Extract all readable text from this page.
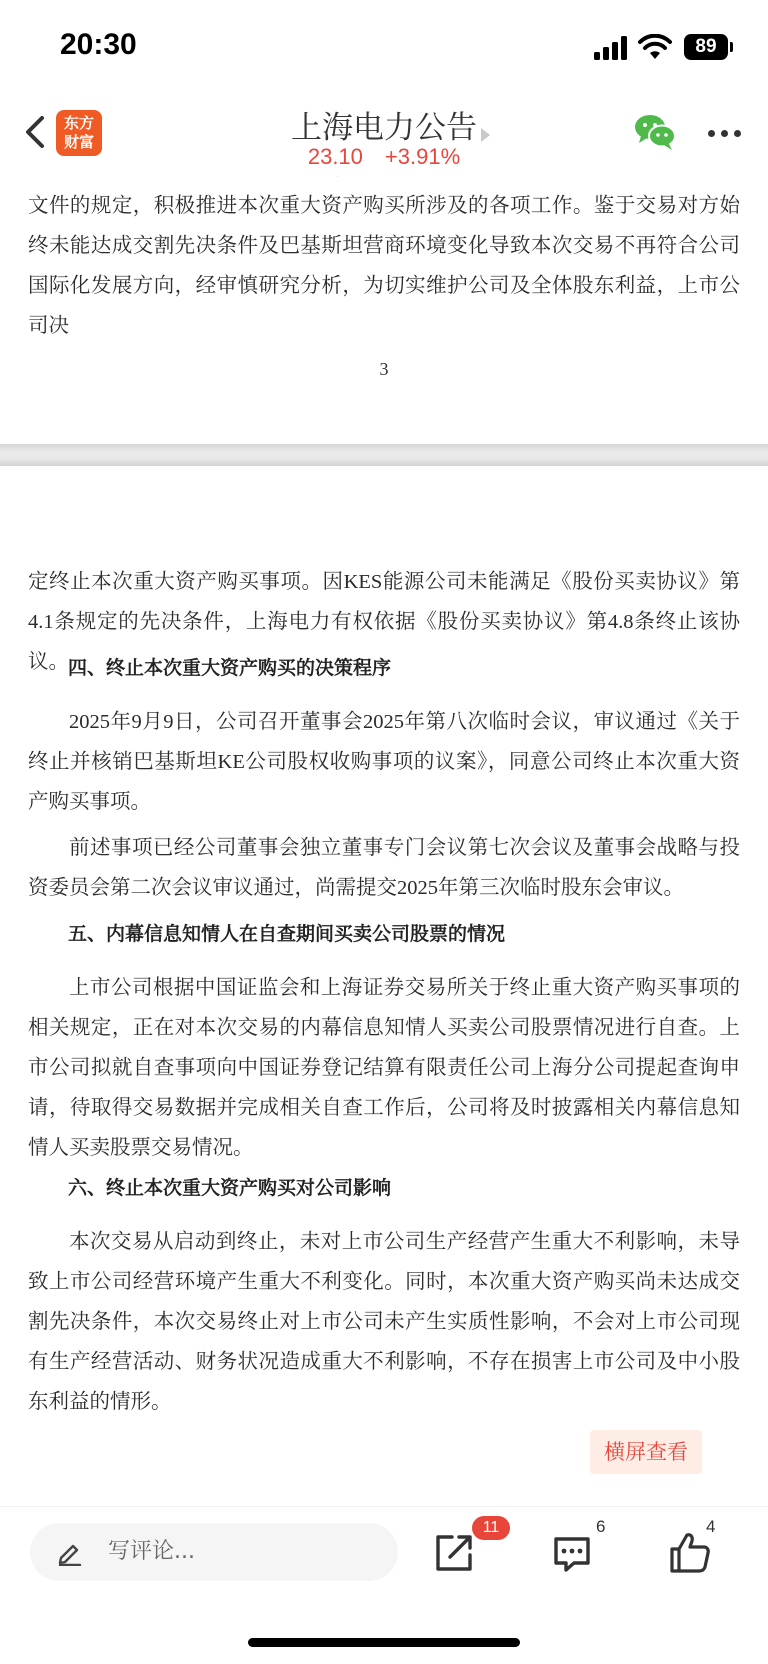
20:30	89
东方
财富	上海电力公告
23.10 +3.91%
文件的规定，积极推进本次重大资产购买所涉及的各项工作。鉴于交易对方始终未能达成交割先决条件及巴基斯坦营商环境变化导致本次交易不再符合公司国际化发展方向，经审慎研究分析，为切实维护公司及全体股东利益，上市公司决
3
定终止本次重大资产购买事项。因KES能源公司未能满足《股份买卖协议》第4.1条规定的先决条件，上海电力有权依据《股份买卖协议》第4.8条终止该协议。 四、终止本次重大资产购买的决策程序
2025年9月9日，公司召开董事会2025年第八次临时会议，审议通过《关于终止并核销巴基斯坦KE公司股权收购事项的议案》，同意公司终止本次重大资产购买事项。
前述事项已经公司董事会独立董事专门会议第七次会议及董事会战略与投资委员会第二次会议审议通过，尚需提交2025年第三次临时股东会审议。
五、内幕信息知情人在自查期间买卖公司股票的情况
上市公司根据中国证监会和上海证券交易所关于终止重大资产购买事项的相关规定，正在对本次交易的内幕信息知情人买卖公司股票情况进行自查。上市公司拟就自查事项向中国证券登记结算有限责任公司上海分公司提起查询申请，待取得交易数据并完成相关自查工作后，公司将及时披露相关内幕信息知情人买卖股票交易情况。
六、终止本次重大资产购买对公司影响
本次交易从启动到终止，未对上市公司生产经营产生重大不利影响，未导致上市公司经营环境产生重大不利变化。同时，本次重大资产购买尚未达成交割先决条件，本次交易终止对上市公司未产生实质性影响，不会对上市公司现有生产经营活动、财务状况造成重大不利影响，不存在损害上市公司及中小股东利益的情形。
横屏查看
写评论...
11	6	4
